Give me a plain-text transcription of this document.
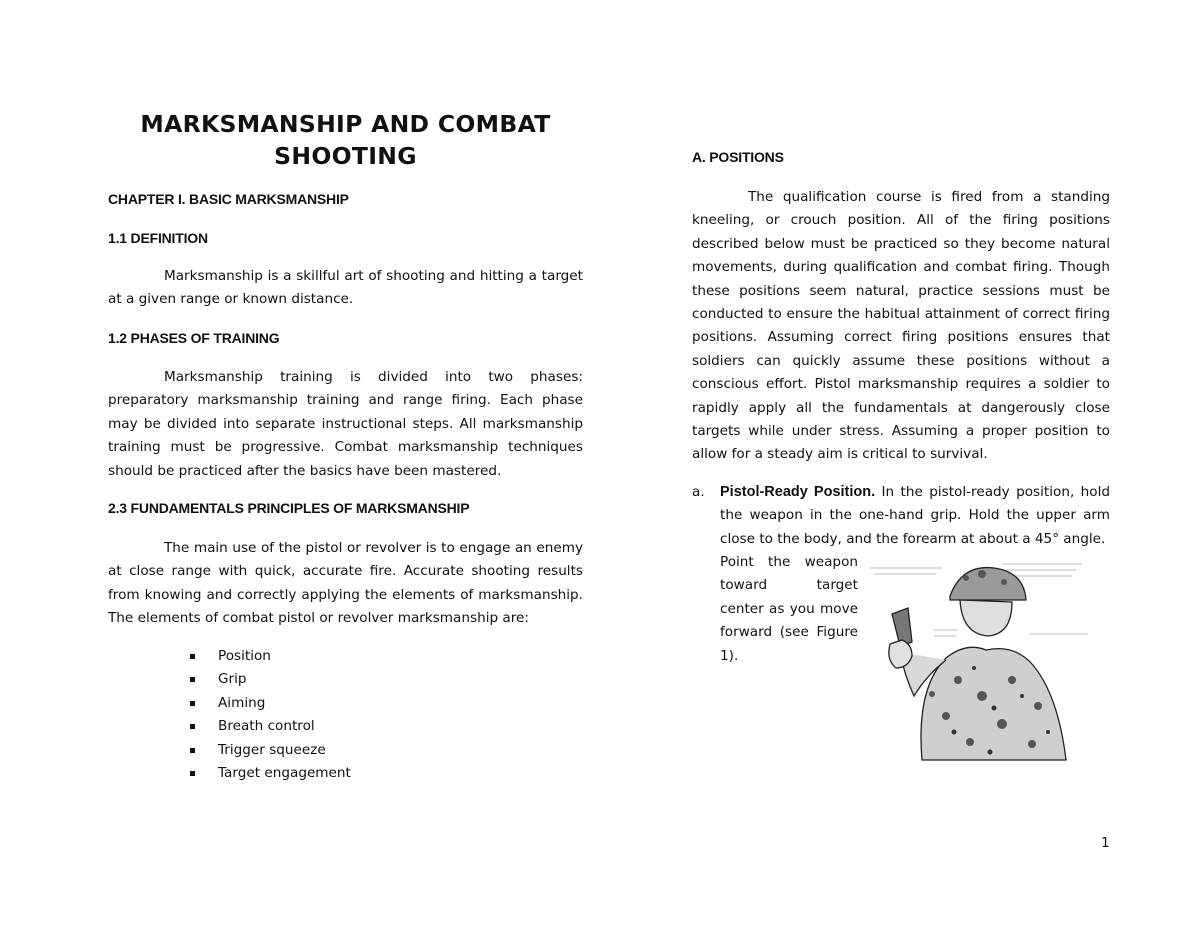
MARKSMANSHIP AND COMBAT SHOOTING

CHAPTER I. BASIC MARKSMANSHIP

1.1 DEFINITION

Marksmanship is a skillful art of shooting and hitting a target at a given range or known distance.

1.2 PHASES OF TRAINING

Marksmanship training is divided into two phases: preparatory marksmanship training and range firing. Each phase may be divided into separate instructional steps. All marksmanship training must be progressive. Combat marksmanship techniques should be practiced after the basics have been mastered.

2.3 FUNDAMENTALS PRINCIPLES OF MARKSMANSHIP

The main use of the pistol or revolver is to engage an enemy at close range with quick, accurate fire. Accurate shooting results from knowing and correctly applying the elements of marksmanship. The elements of combat pistol or revolver marksmanship are:

Position
Grip
Aiming
Breath control
Trigger squeeze
Target engagement

A. POSITIONS

The qualification course is fired from a standing kneeling, or crouch position. All of the firing positions described below must be practiced so they become natural movements, during qualification and combat firing. Though these positions seem natural, practice sessions must be conducted to ensure the habitual attainment of correct firing positions. Assuming correct firing positions ensures that soldiers can quickly assume these positions without a conscious effort. Pistol marksmanship requires a soldier to rapidly apply all the fundamentals at dangerously close targets while under stress. Assuming a proper position to allow for a steady aim is critical to survival.

a. Pistol-Ready Position. In the pistol-ready position, hold the weapon in the one-hand grip. Hold the upper arm close to the body, and the forearm at about a 45° angle.
Point the weapon toward target center as you move forward (see Figure 1).
1
